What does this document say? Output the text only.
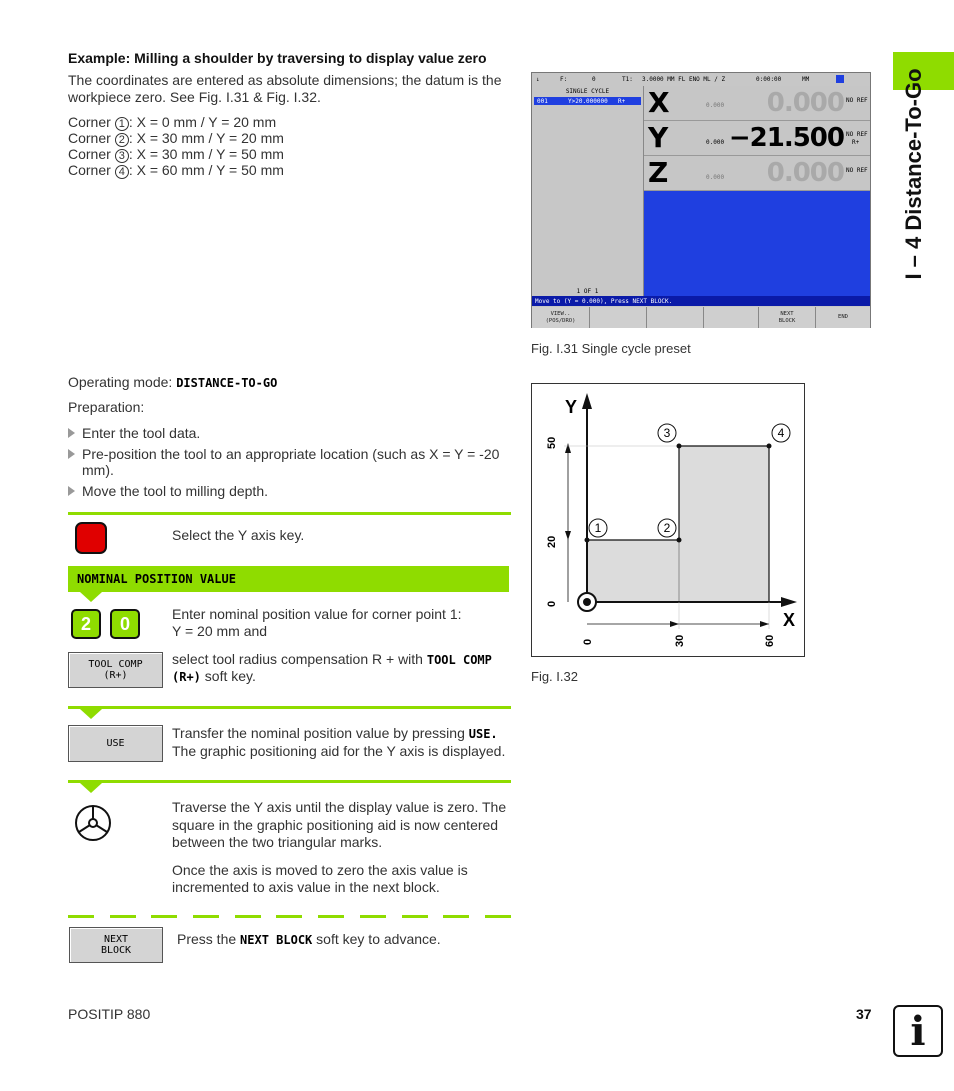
I – 4 Distance-To-Go
Example: Milling a shoulder by traversing to display value zero
The coordinates are entered as absolute dimensions; the datum is the
workpiece zero. See Fig. I.31 & Fig. I.32.
Corner 1 : X = 0 mm / Y = 20 mm
Corner 2 : X = 30 mm / Y = 20 mm
Corner 3 : X = 30 mm / Y = 50 mm
Corner 4 : X = 60 mm / Y = 50 mm
↓	F:	0	T1: 3.0000 MM FL ENO ML / Z	0:00:00	MM
SINGLE CYCLE
001	Y>20.000000 R+
1 OF 1
X	0.000 0.000 NO REF
Y	0.000 −21.500 NO REF
R+
Z	0.000 0.000 NO REF
Move to (Y = 0.000), Press NEXT BLOCK.
VIEW..
(POS/DRO)
NEXT
BLOCK
END
Fig. I.31 Single cycle preset
Operating mode: DISTANCE-TO-GO
Preparation:
Enter the tool data.
Pre-position the tool to an appropriate location (such as X = Y = -20
mm).
Move the tool to milling depth.
Select the Y axis key.
NOMINAL POSITION VALUE
2 0	Enter nominal position value for corner point 1:
Y = 20 mm and
TOOL COMP
(R+)
select tool radius compensation R + with TOOL COMP
(R+) soft key.
USE
Transfer the nominal position value by pressing USE.
The graphic positioning aid for the Y axis is displayed.
Traverse the Y axis until the display value is zero. The
square in the graphic positioning aid is now centered
between the two triangular marks.
Once the axis is moved to zero the axis value is
incremented to axis value in the next block.
NEXT
BLOCK
Press the NEXT BLOCK soft key to advance.
1	2
3	4
Y
X
50
20
0
0	30	60
Fig. I.32
POSITIP 880	37 i
